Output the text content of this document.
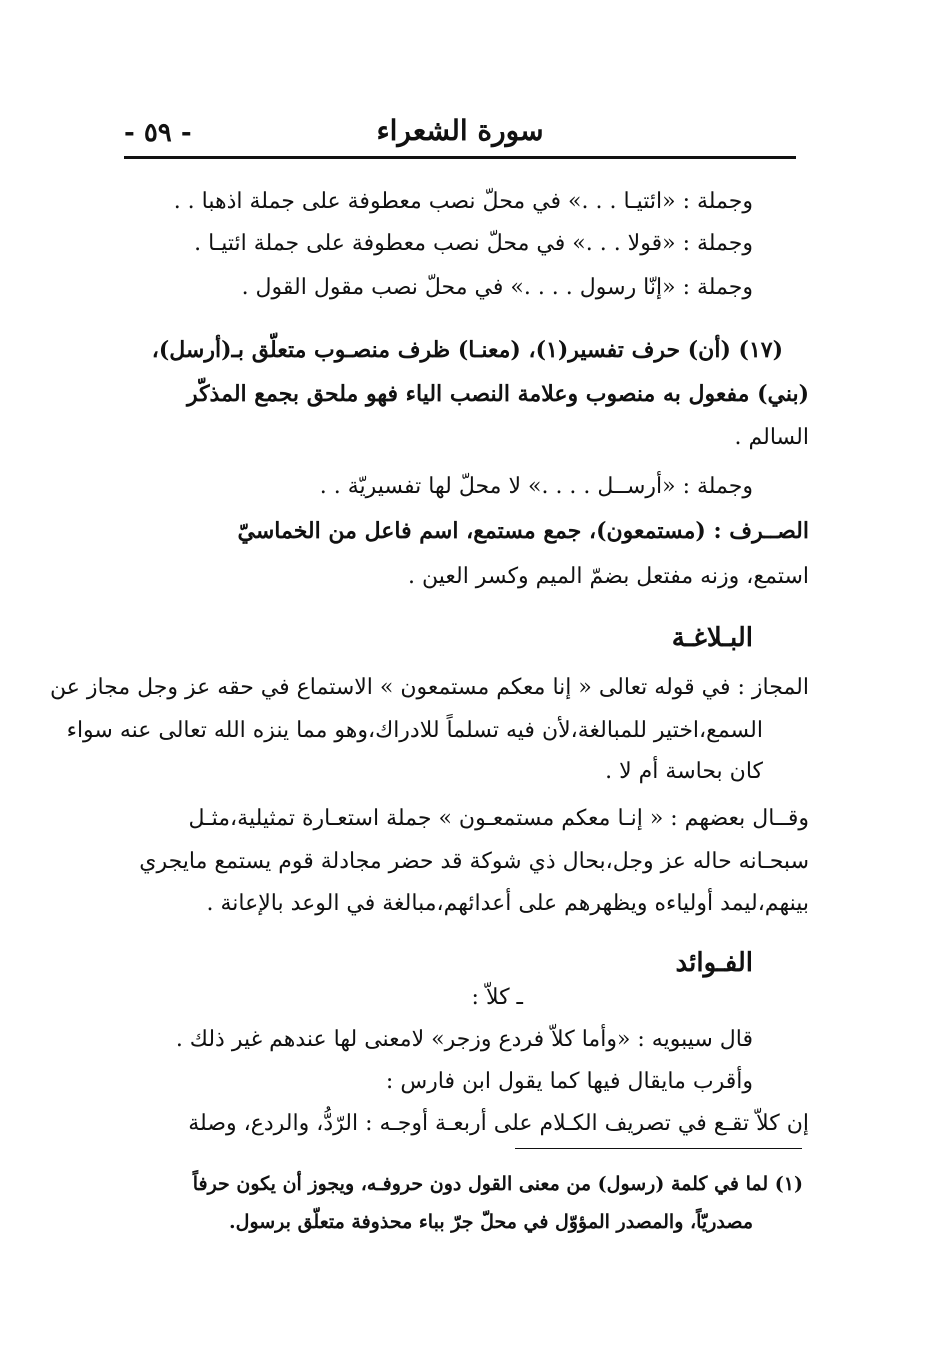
- ٥٩ -	سورة الشعراء
وجملة : «ائتيـا . . .» في محلّ نصب معطوفة على جملة اذهبا . .
وجملة : «قولا . . .» في محلّ نصب معطوفة على جملة ائتيـا .
وجملة : «إنّا رسول . . . .» في محلّ نصب مقول القول .
(١٧) (أن) حرف تفسير(١)، (معنـا) ظرف منصـوب متعلّق بـ(أرسل)،
(بني) مفعول به منصوب وعلامة النصب الياء فهو ملحق بجمع المذكّر
السالم .
وجملة : «أرســل . . . .» لا محلّ لها تفسيريّة . .
الصــرف : (مستمعون)، جمع مستمع، اسم فاعل من الخماسيّ
استمع، وزنه مفتعل بضمّ الميم وكسر العين .
البـلاغـة
المجاز : في قوله تعالى « إنا معكم مستمعون » الاستماع في حقه عز وجل مجاز عن
السمع،اختير للمبالغة،لأن فيه تسلماً للادراك،وهو مما ينزه الله تعالى عنه سواء
كان بحاسة أم لا .
وقــال بعضهم : « إنـا معكم مستمعـون » جملة استعـارة تمثيلية،مثـل
سبحـانه حاله عز وجل،بحال ذي شوكة قد حضر مجادلة قوم يستمع مايجري
بينهم،ليمد أولياءه ويظهرهم على أعدائهم،مبالغة في الوعد بالإعانة .
الفـوائد
ـ كلاّ :
قال سيبويه : «وأما كلاّ فردع وزجر» لامعنى لها عندهم غير ذلك .
وأقرب مايقال فيها كما يقول ابن فارس :
إن كلاّ تقـع في تصريف الكـلام على أربعـة أوجـه : الرّدُّ، والردع، وصلة
(١) لما في كلمة (رسول) من معنى القول دون حروفـه، ويجوز أن يكون حرفاً
مصدريّاً، والمصدر المؤوّل في محلّ جرّ بباء محذوفة متعلّق برسول.
